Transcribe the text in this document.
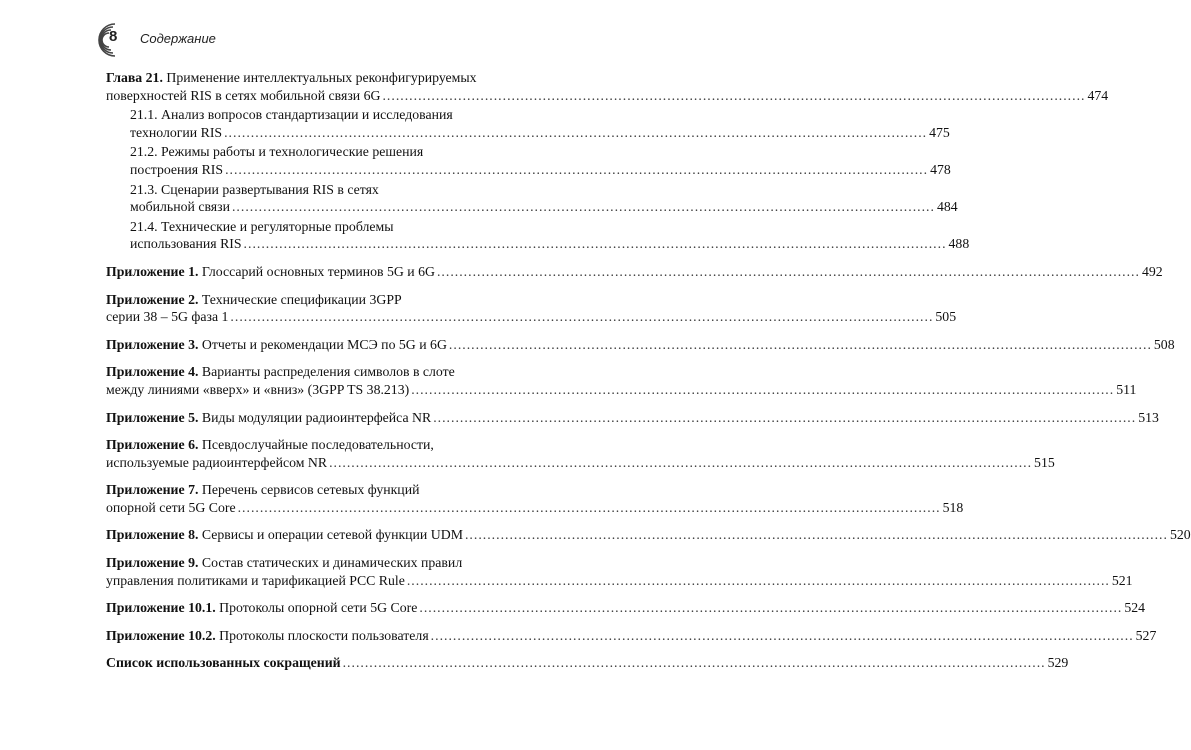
8 Содержание
Глава 21. Применение интеллектуальных реконфигурируемых
поверхностей RIS в сетях мобильной связи 6G .....	474
21.1. Анализ вопросов стандартизации и исследования
технологии RIS .....	475
21.2. Режимы работы и технологические решения
построения RIS .....	478
21.3. Сценарии развертывания RIS в сетях
мобильной связи .....	484
21.4. Технические и регуляторные проблемы
использования RIS .....	488
Приложение 1. Глоссарий основных терминов 5G и 6G .....	492
Приложение 2. Технические спецификации 3GPP
серии 38 – 5G фаза 1 .....	505
Приложение 3. Отчеты и рекомендации МСЭ по 5G и 6G .....	508
Приложение 4. Варианты распределения символов в слоте
между линиями «вверх» и «вниз» (3GPP TS 38.213) .....	511
Приложение 5. Виды модуляции радиоинтерфейса NR .....	513
Приложение 6. Псевдослучайные последовательности,
используемые радиоинтерфейсом NR .....	515
Приложение 7. Перечень сервисов сетевых функций
опорной сети 5G Core .....	518
Приложение 8. Сервисы и операции сетевой функции UDM .....	520
Приложение 9. Состав статических и динамических правил
управления политиками и тарификацией PCC Rule .....	521
Приложение 10.1. Протоколы опорной сети 5G Core .....	524
Приложение 10.2. Протоколы плоскости пользователя .....	527
Список использованных сокращений .....	529
